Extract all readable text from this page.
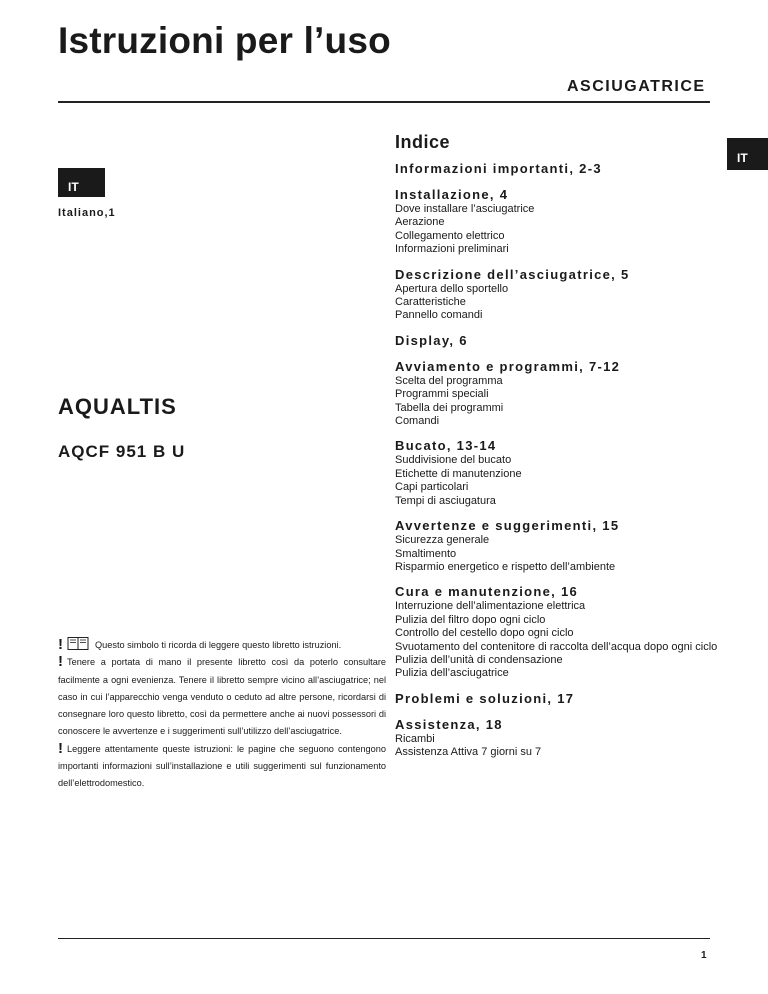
Istruzioni per l’uso
ASCIUGATRICE
IT
IT
Italiano,1
AQUALTIS
AQCF 951 B U
Indice
Informazioni importanti, 2-3
Installazione, 4
Dove installare l’asciugatrice
Aerazione
Collegamento elettrico
Informazioni preliminari
Descrizione dell’asciugatrice, 5
Apertura dello sportello
Caratteristiche
Pannello comandi
Display, 6
Avviamento e programmi, 7-12
Scelta del programma
Programmi speciali
Tabella dei programmi
Comandi
Bucato, 13-14
Suddivisione del bucato
Etichette di manutenzione
Capi particolari
Tempi di asciugatura
Avvertenze e suggerimenti, 15
Sicurezza generale
Smaltimento
Risparmio energetico e rispetto dell’ambiente
Cura e manutenzione, 16
Interruzione dell’alimentazione elettrica
Pulizia del filtro dopo ogni ciclo
Controllo del cestello dopo ogni ciclo
Svuotamento del contenitore di raccolta dell’acqua dopo ogni ciclo
Pulizia dell’unità di condensazione
Pulizia dell’asciugatrice
Problemi e soluzioni, 17
Assistenza, 18
Ricambi
Assistenza Attiva 7 giorni su 7
!	Questo simbolo ti ricorda di leggere questo libretto istruzioni.
! Tenere a portata di mano il presente libretto così da poterlo consultare facilmente a ogni evenienza. Tenere il libretto sempre vicino all’asciugatrice; nel caso in cui l’apparecchio venga venduto o ceduto ad altre persone, ricordarsi di consegnare loro questo libretto, così da permettere anche ai nuovi possessori di conoscere le avvertenze e i suggerimenti sull’utilizzo dell’asciugatrice.
! Leggere attentamente queste istruzioni: le pagine che seguono contengono importanti informazioni sull’installazione e utili suggerimenti sul funzionamento dell’elettrodomestico.
1
